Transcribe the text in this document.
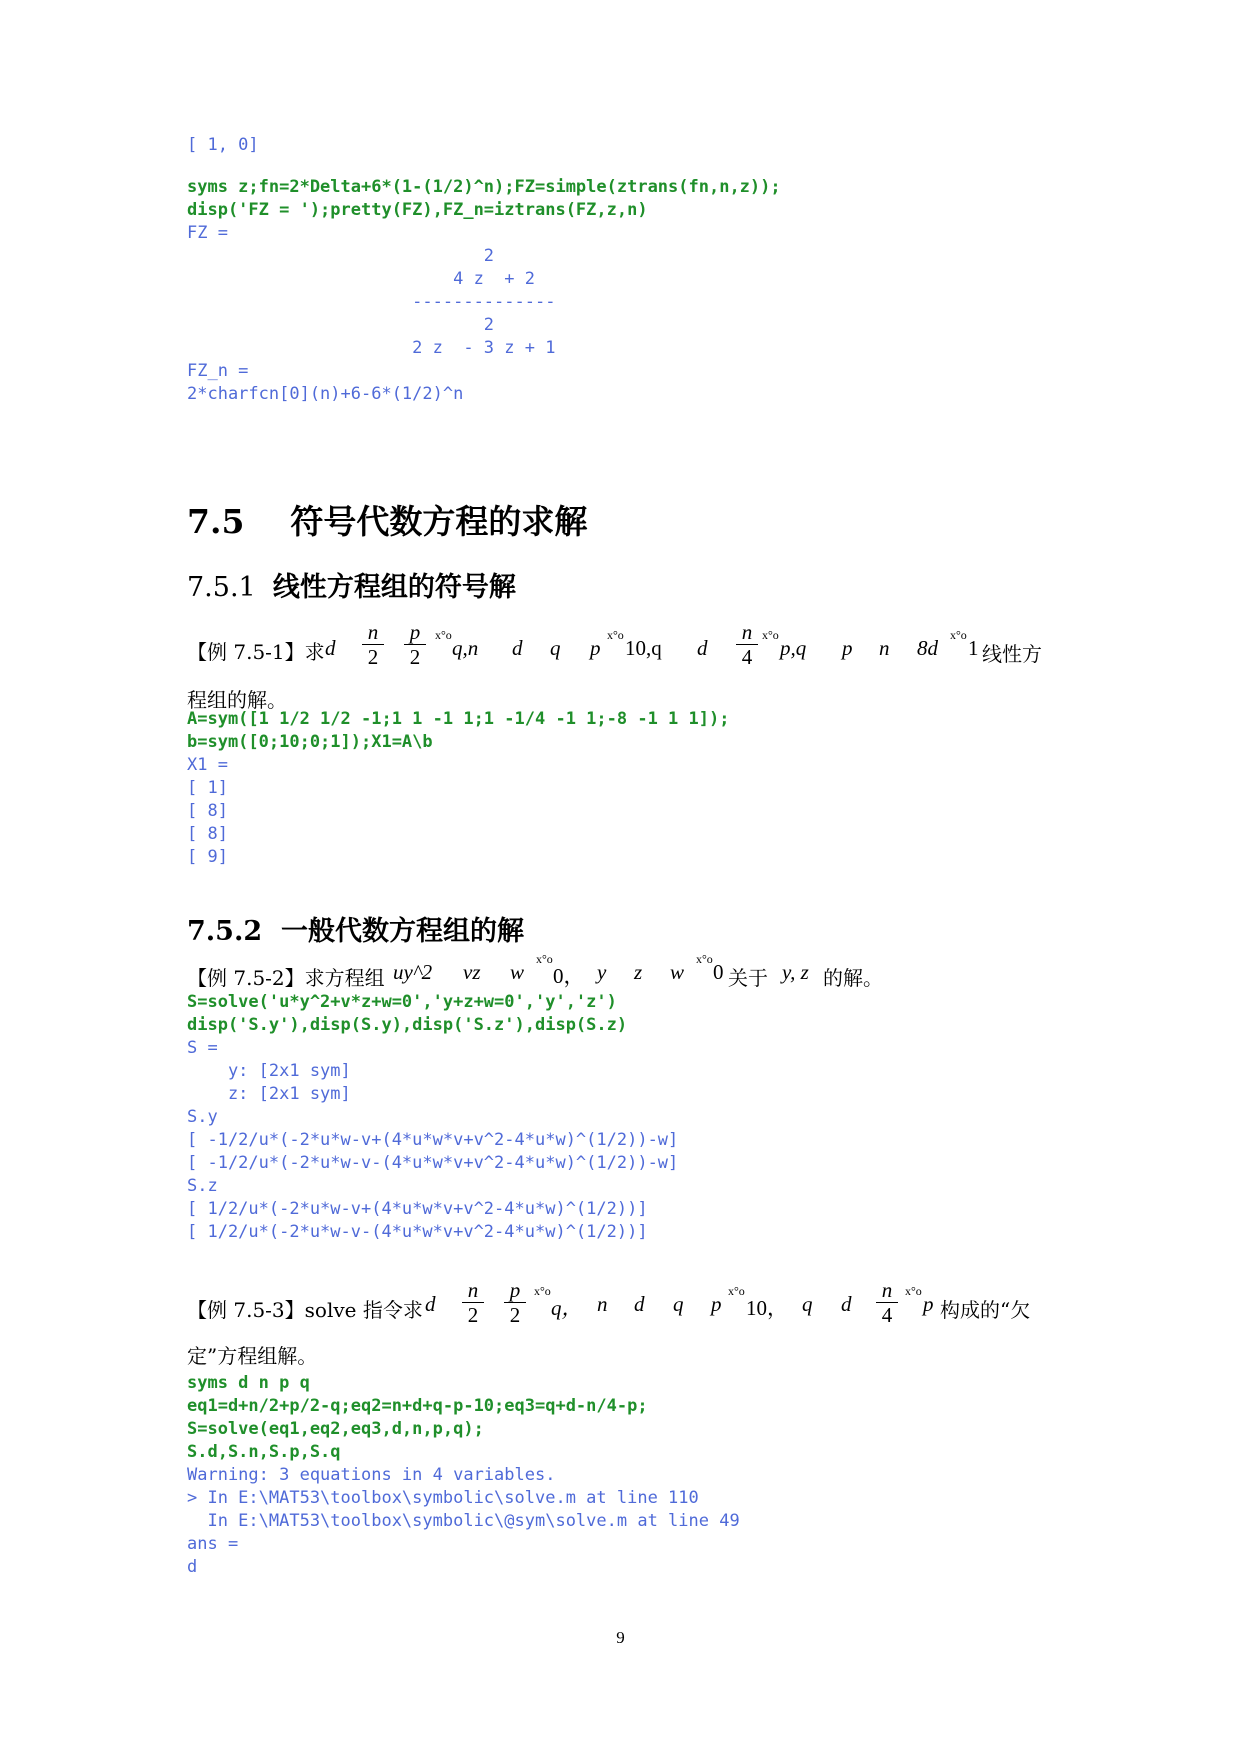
[ 1, 0]
syms z;fn=2*Delta+6*(1-(1/2)^n);FZ=simple(ztrans(fn,n,z));
disp('FZ = ');pretty(FZ),FZ_n=iztrans(FZ,z,n)
FZ =
2
4 z  + 2
--------------
2
2 z  - 3 z + 1
FZ_n =
2*charfcn[0](n)+6-6*(1/2)^n
7.5 符号代数方程的求解
7.5.1 线性方程组的符号解
【例 7.5-1】求 d
n
2
p
2
x°o
q,n d q p
x°o
10,q d
n
4
x°o
p,q p n 8d
x°o
1 线性方
程组的解。
A=sym([1 1/2 1/2 -1;1 1 -1 1;1 -1/4 -1 1;-8 -1 1 1]);
b=sym([0;10;0;1]);X1=A\b
X1 =
[ 1]
[ 8]
[ 8]
[ 9]
7.5.2 一般代数方程组的解
【例 7.5-2】求方程组 uy^2 vz w
x°o
0， y z w
x°o
0 关于 y, z 的解。
S=solve('u*y^2+v*z+w=0','y+z+w=0','y','z')
disp('S.y'),disp(S.y),disp('S.z'),disp(S.z)
S =
y: [2x1 sym]
z: [2x1 sym]
S.y
[ -1/2/u*(-2*u*w-v+(4*u*w*v+v^2-4*u*w)^(1/2))-w]
[ -1/2/u*(-2*u*w-v-(4*u*w*v+v^2-4*u*w)^(1/2))-w]
S.z
[ 1/2/u*(-2*u*w-v+(4*u*w*v+v^2-4*u*w)^(1/2))]
[ 1/2/u*(-2*u*w-v-(4*u*w*v+v^2-4*u*w)^(1/2))]
【例 7.5-3】solve 指令求 d
n
2
p
2
x°o
q， n d q p
x°o
10， q d
n
4
x°o
p 构成的“欠
定”方程组解。
syms d n p q
eq1=d+n/2+p/2-q;eq2=n+d+q-p-10;eq3=q+d-n/4-p;
S=solve(eq1,eq2,eq3,d,n,p,q);
S.d,S.n,S.p,S.q
Warning: 3 equations in 4 variables.
> In E:\MAT53\toolbox\symbolic\solve.m at line 110
In E:\MAT53\toolbox\symbolic\@sym\solve.m at line 49
ans =
d
9
